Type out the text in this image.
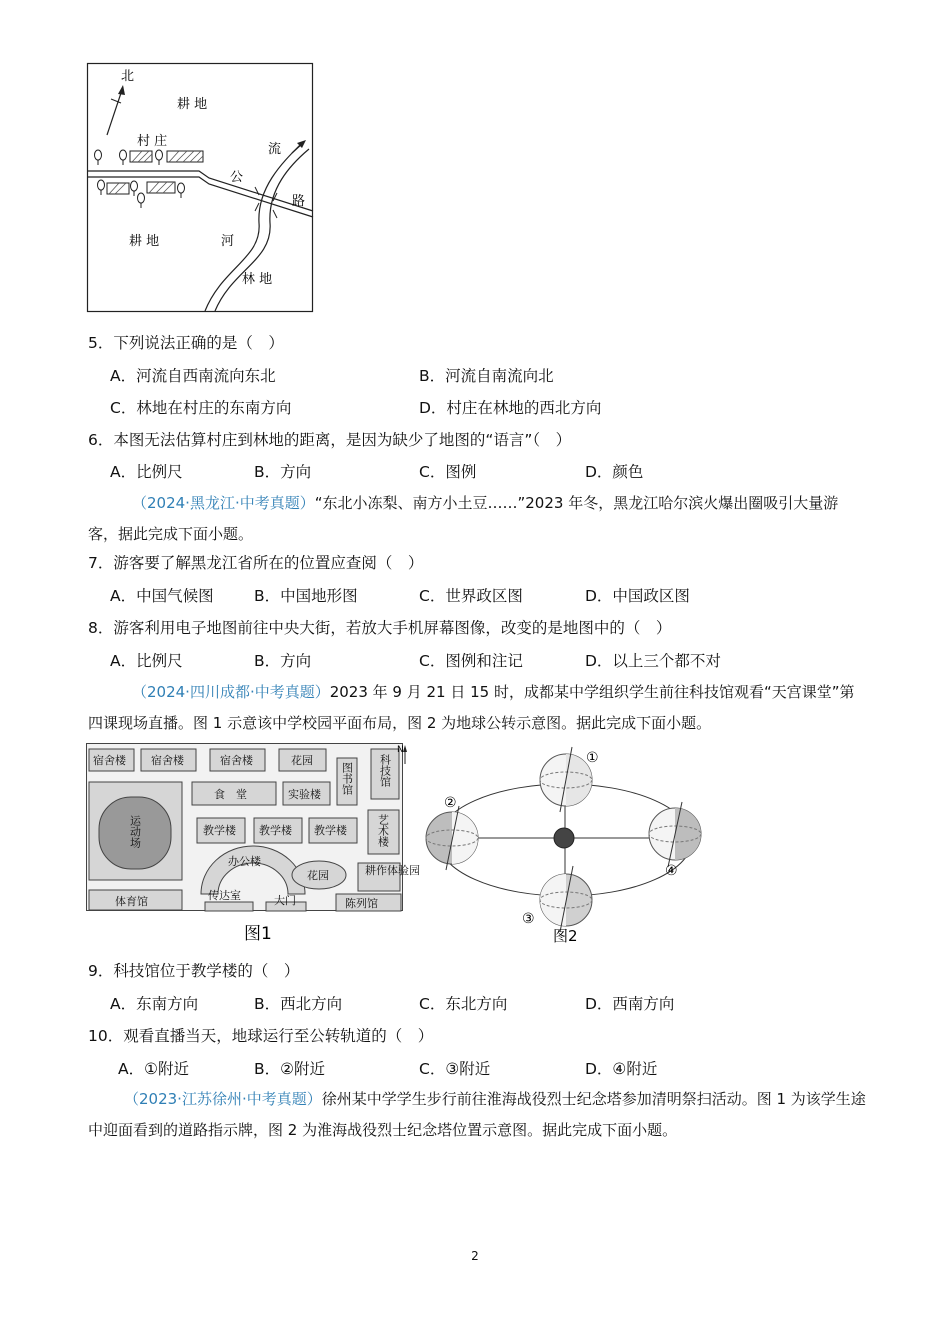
北
耕 地
村 庄
公
路
流
耕 地	河
林 地
5．下列说法正确的是（　）
A．河流自西南流向东北	B．河流自南流向北
C．林地在村庄的东南方向	D．村庄在林地的西北方向
6．本图无法估算村庄到林地的距离，是因为缺少了地图的“语言”（　）
A．比例尺	B．方向	C．图例	D．颜色
（2024·黑龙江·中考真题）“东北小冻梨、南方小土豆……”2023 年冬，黑龙江哈尔滨火爆出圈吸引大量游客，据此完成下面小题。
7．游客要了解黑龙江省所在的位置应查阅（　）
A．中国气候图	B．中国地形图	C．世界政区图	D．中国政区图
8．游客利用电子地图前往中央大街，若放大手机屏幕图像，改变的是地图中的（　）
A．比例尺	B．方向	C．图例和注记	D．以上三个都不对
（2024·四川成都·中考真题）2023 年 9 月 21 日 15 时，成都某中学组织学生前往科技馆观看“天宫课堂”第四课现场直播。图 1 示意该中学校园平面布局，图 2 为地球公转示意图。据此完成下面小题。
宿舍楼 宿舍楼	宿舍楼	花园
图书馆 科技馆
食　堂	实验楼
运动场	教学楼 教学楼 教学楼	艺术楼
办公楼
花园	耕作体验园
体育馆	传达室	大门	陈列馆
N
图1
①
②
③
④
图2
9．科技馆位于教学楼的（　）
A．东南方向	B．西北方向	C．东北方向	D．西南方向
10．观看直播当天，地球运行至公转轨道的（　）
A．①附近	B．②附近	C．③附近	D．④附近
（2023·江苏徐州·中考真题）徐州某中学学生步行前往淮海战役烈士纪念塔参加清明祭扫活动。图 1 为该学生途中迎面看到的道路指示牌，图 2 为淮海战役烈士纪念塔位置示意图。据此完成下面小题。
2
